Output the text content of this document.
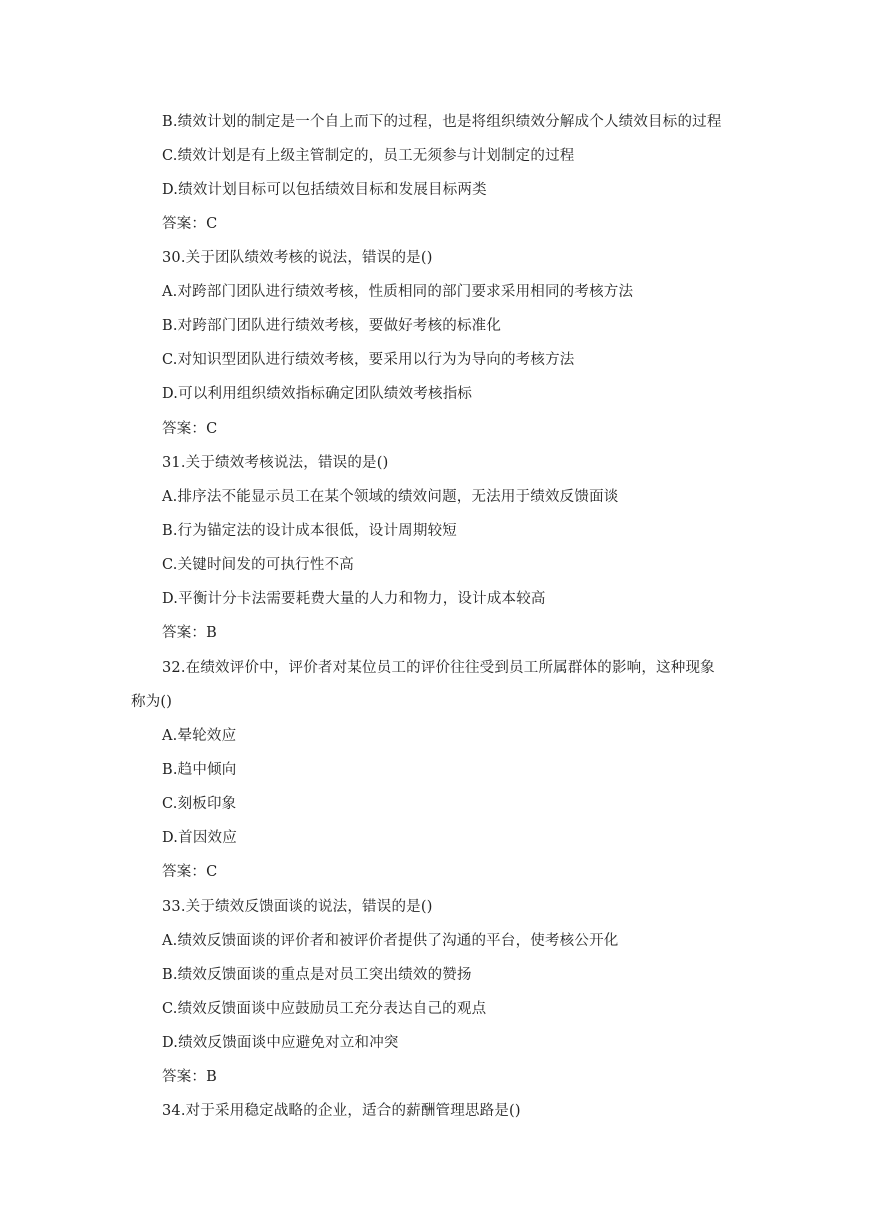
B.绩效计划的制定是一个自上而下的过程，也是将组织绩效分解成个人绩效目标的过程
C.绩效计划是有上级主管制定的，员工无须参与计划制定的过程
D.绩效计划目标可以包括绩效目标和发展目标两类
答案：C
30.关于团队绩效考核的说法，错误的是()
A.对跨部门团队进行绩效考核，性质相同的部门要求采用相同的考核方法
B.对跨部门团队进行绩效考核，要做好考核的标准化
C.对知识型团队进行绩效考核，要采用以行为为导向的考核方法
D.可以利用组织绩效指标确定团队绩效考核指标
答案：C
31.关于绩效考核说法，错误的是()
A.排序法不能显示员工在某个领域的绩效问题，无法用于绩效反馈面谈
B.行为锚定法的设计成本很低，设计周期较短
C.关键时间发的可执行性不高
D.平衡计分卡法需要耗费大量的人力和物力，设计成本较高
答案：B
32.在绩效评价中，评价者对某位员工的评价往往受到员工所属群体的影响，这种现象
称为()
A.晕轮效应
B.趋中倾向
C.刻板印象
D.首因效应
答案：C
33.关于绩效反馈面谈的说法，错误的是()
A.绩效反馈面谈的评价者和被评价者提供了沟通的平台，使考核公开化
B.绩效反馈面谈的重点是对员工突出绩效的赞扬
C.绩效反馈面谈中应鼓励员工充分表达自己的观点
D.绩效反馈面谈中应避免对立和冲突
答案：B
34.对于采用稳定战略的企业，适合的薪酬管理思路是()
